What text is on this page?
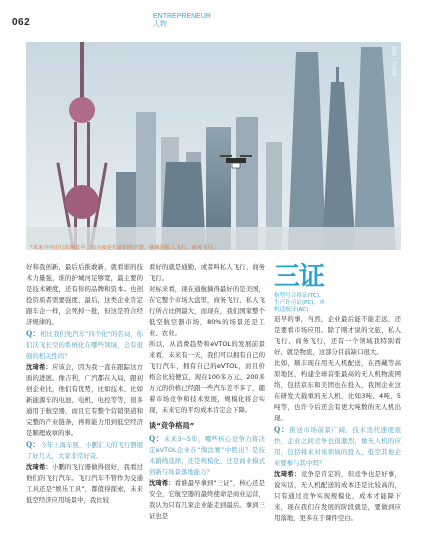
062
ENTREPRENEUR
人物
摄影｜余东游
*未来空中出行的场景中，抬头便是忙碌的航空器，就像因私人飞行、商务飞行。

好和我创新，最后后推敢新，就看谁的技术力量强，谁的护城河足够宽，最主要的是技术硬度，还有你的品牌和资本。也创投资质者需要强度，最后，这类企业肯定跟车企一样，会死掉一批，但这是符合经济规律的。

Q：相比我们先汽车“四个化”的名词，你们沃飞长空的系统化在哪些领域，会有很强的相关性吗？

沈琦希：应该会，因为我一直在跟踪这方面的进展。像吉利，广汽都在入局，跟初创企业比，他们有优势，比如技术、比如新能源车的电池、电机、电控等等，很多通用于航空器，而且它有整个营销渠道和完整的产业链条，再将能力用到低空经济是顺理成章的事。

Q：今年上海车展，小鹏汇天的飞行器展了好几天，大家非常好奇。

沈琦希：小鹏的飞行器做得很好，我看过他们的飞行汽车。飞行汽车不管作为交通工具还是“娱乐工具”，都值得探索，未来低空经济应用场景中，我比较

看好的就是通勤，或者叫私人飞行、商务飞行。

对标来看，现在通航摘得最好的是美国，在它整个市场大盘里，商务飞行、私人飞行所占比例最大，而现在，我们国家整个低空航空器市场，80%的场景还是工业、农业。

所以，从消费趋势和eVTOL的发展前景来看，未来有一天，我们可以拥有自己的飞行汽车，拥有自己的eVTOL，而且价格会比较便宜，现在100多万元、200多万元的价格已经跟一些汽车差不多了，随着市场竞争和技术发展，规模化将会实现，未来它的平均成本肯定会下降。

谈“竞争格局”

Q：未来3~5年，哪些核心竞争力将决定eVTOL企业在“淘汰赛”中胜出？是技术路线选择，还是规模化、还是商业模式创新与场景落地能力？

沈琦希：看谁最早拿到“三证”，核心还是安全，它航空器的最终使命是商业运营，我认为只有几家企业能走到最后。拿到三证也是

三证
指型号合格证(TC)、
生产许可证(PC)、单
机适航证(AC)

迟早的事，当然，企业最后能不能走远，还是要看市场应用。除了刚才说的文旅、私人飞行、商务飞行，还有一个领域我特别看好，就是物流，这部分目前缺口很大。

比如，顺丰现在用无人机配送，在西藏等高原地区，构建全球首张最高的无人机物流网络，包括京东和美团也在投入，我国企业这在研发大载重的无人机，比如3吨、4吨、5吨等，也许今后还会有更大吨数的无人机出现。

Q：推送市场前景广阔，技术迭代速度很快，企业之间竞争也很激烈，像无人机的应用，包括将来对该领域的投入，低空其他企业要参与其中吗？

沈琦希：竞争是肯定的，但竞争也是好事，说实话，无人机配送的成本还是比较高的，只有通过竞争实现规模化，成本才能降下来，现在我们在发展的阶段就是，要做到应用落地，更多在于课件空白。
